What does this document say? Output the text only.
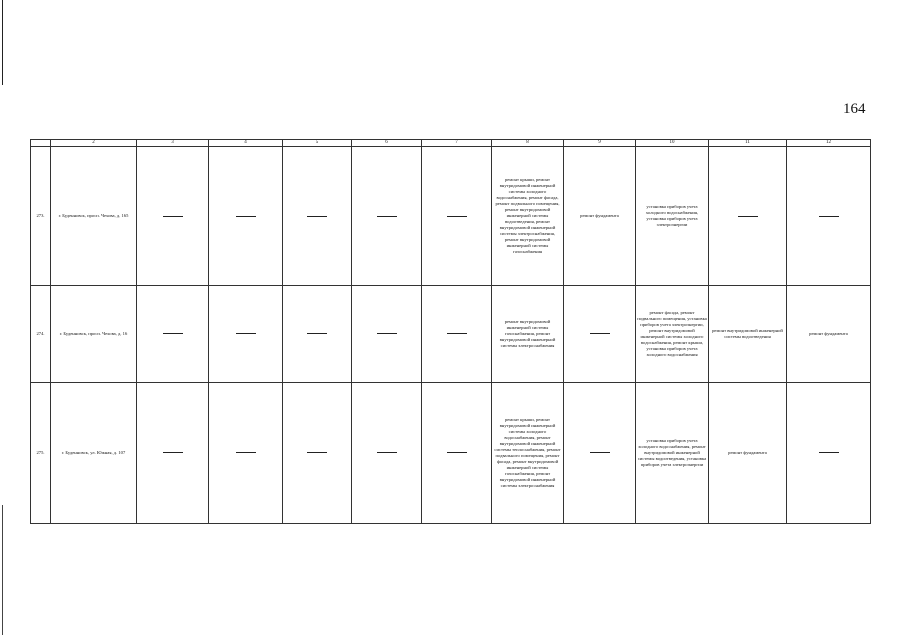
164
	2	3	4	5	6	7	8	9	10	11	12
273.	г. Буденновск, просп. Чехова, д. 165						ремонт крыши, ремонт внутридомовой инженерной системы холодного водоснабжения, ремонт фасада, ремонт подвального помещения, ремонт внутридомовой инженерной системы водоотведения, ремонт внутридомовой инженерной системы электроснабжения, ремонт внутридомовой инженерной системы газоснабжения	ремонт фундамента	установка приборов учета холодного водоснабжения, установка приборов учета электроэнергии		
274.	г. Буденновск, просп. Чехова, д. 16						ремонт внутридомовой инженерной системы газоснабжения, ремонт внутридомовой инженерной системы электроснабжения		ремонт фасада, ремонт подвального помещения, установка приборов учета электроэнергии, ремонт внутридомовой инженерной системы холодного водоснабжения, ремонт крыши, установка приборов учета холодного водоснабжения	ремонт внутридомовой инженерной системы водоотведения	ремонт фундамента
275.	г. Буденновск, ул. Южная, д. 107						ремонт крыши, ремонт внутридомовой инженерной системы холодного водоснабжения, ремонт внутридомовой инженерной системы теплоснабжения, ремонт подвального помещения, ремонт фасада, ремонт внутридомовой инженерной системы газоснабжения, ремонт внутридомовой инженерной системы электроснабжения		установка приборов учета холодного водоснабжения, ремонт внутридомовой инженерной системы водоотведения, установка приборов учета электроэнергии	ремонт фундамента	
